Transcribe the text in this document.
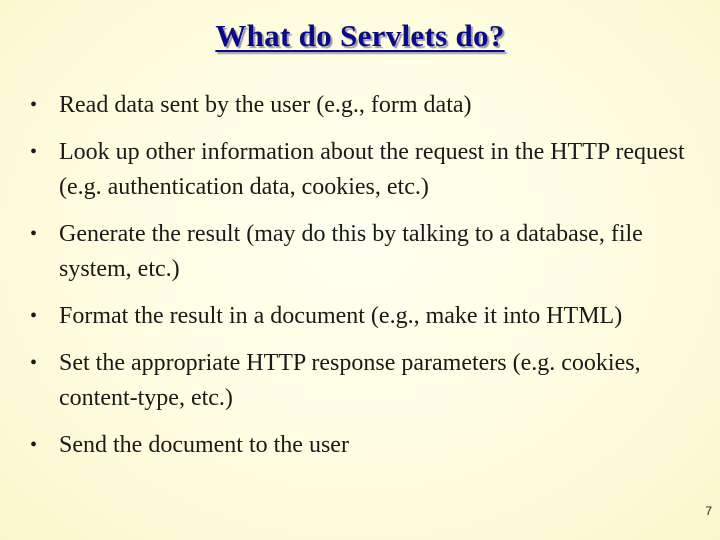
What do Servlets do?
• Read data sent by the user (e.g., form data)
• Look up other information about the request in the HTTP request (e.g. authentication data, cookies, etc.)
• Generate the result (may do this by talking to a database, file system, etc.)
• Format the result in a document (e.g., make it into HTML)
• Set the appropriate HTTP response parameters (e.g. cookies, content-type, etc.)
• Send the document to the user
7
